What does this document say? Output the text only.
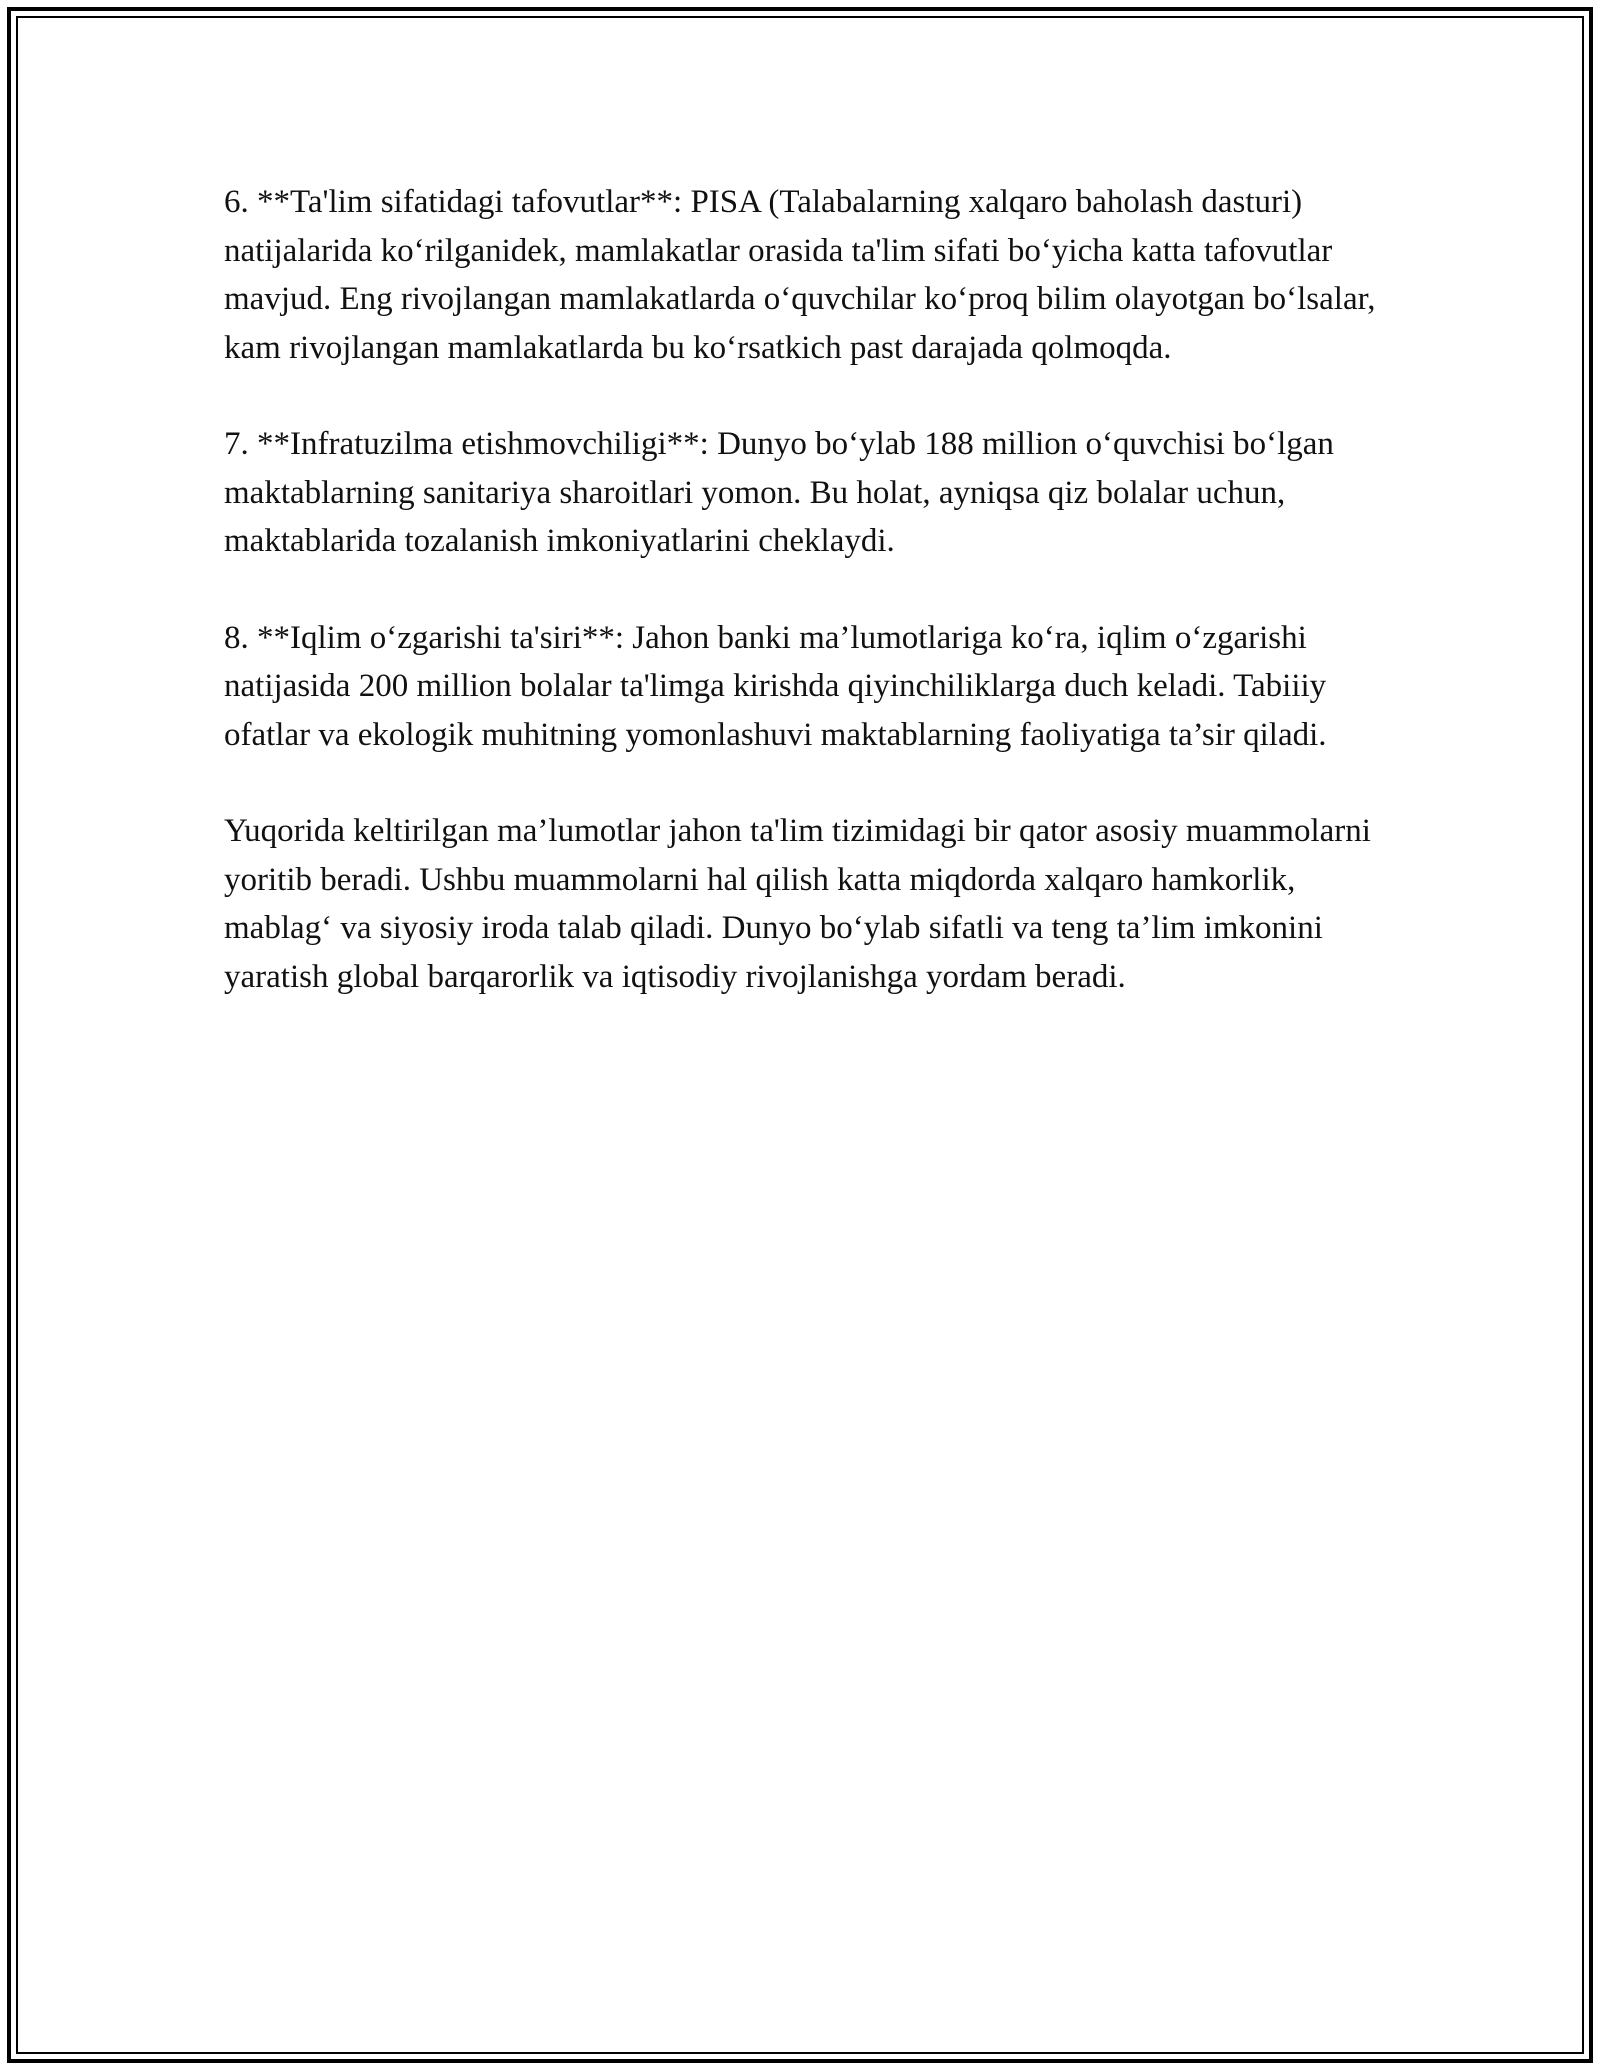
6. **Ta'lim sifatidagi tafovutlar**: PISA (Talabalarning xalqaro baholash dasturi) natijalarida ko‘rilganidek, mamlakatlar orasida ta'lim sifati bo‘yicha katta tafovutlar mavjud. Eng rivojlangan mamlakatlarda o‘quvchilar ko‘proq bilim olayotgan bo‘lsalar, kam rivojlangan mamlakatlarda bu ko‘rsatkich past darajada qolmoqda.

7. **Infratuzilma etishmovchiligi**: Dunyo bo‘ylab 188 million o‘quvchisi bo‘lgan maktablarning sanitariya sharoitlari yomon. Bu holat, ayniqsa qiz bolalar uchun, maktablarida tozalanish imkoniyatlarini cheklaydi.

8. **Iqlim o‘zgarishi ta'siri**: Jahon banki ma’lumotlariga ko‘ra, iqlim o‘zgarishi natijasida 200 million bolalar ta'limga kirishda qiyinchiliklarga duch keladi. Tabiiiy ofatlar va ekologik muhitning yomonlashuvi maktablarning faoliyatiga ta’sir qiladi.

Yuqorida keltirilgan ma’lumotlar jahon ta'lim tizimidagi bir qator asosiy muammolarni yoritib beradi. Ushbu muammolarni hal qilish katta miqdorda xalqaro hamkorlik, mablag‘ va siyosiy iroda talab qiladi. Dunyo bo‘ylab sifatli va teng ta’lim imkonini yaratish global barqarorlik va iqtisodiy rivojlanishga yordam beradi.
